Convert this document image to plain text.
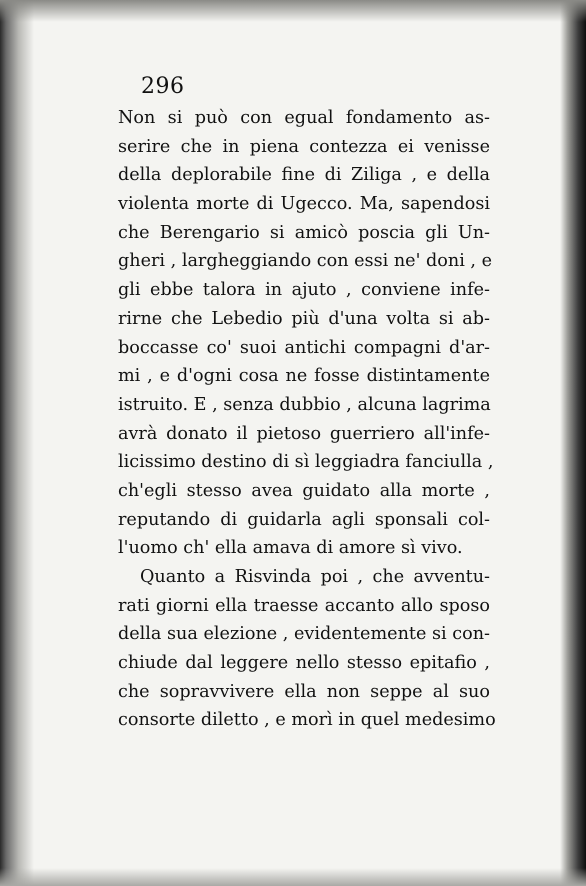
296
Non si può con egual fondamento as-
serire che in piena contezza ei venisse
della deplorabile fine di Ziliga , e della
violenta morte di Ugecco. Ma, sapendosi
che Berengario si amicò poscia gli Un-
gheri , largheggiando con essi ne' doni , e
gli ebbe talora in ajuto , conviene infe-
rirne che Lebedio più d'una volta si ab-
boccasse co' suoi antichi compagni d'ar-
mi , e d'ogni cosa ne fosse distintamente
istruito. E , senza dubbio , alcuna lagrima
avrà donato il pietoso guerriero all'infe-
licissimo destino di sì leggiadra fanciulla ,
ch'egli stesso avea guidato alla morte ,
reputando di guidarla agli sponsali col-
l'uomo ch' ella amava di amore sì vivo.
Quanto a Risvinda poi , che avventu-
rati giorni ella traesse accanto allo sposo
della sua elezione , evidentemente si con-
chiude dal leggere nello stesso epitafio ,
che sopravvivere ella non seppe al suo
consorte diletto , e morì in quel medesimo
